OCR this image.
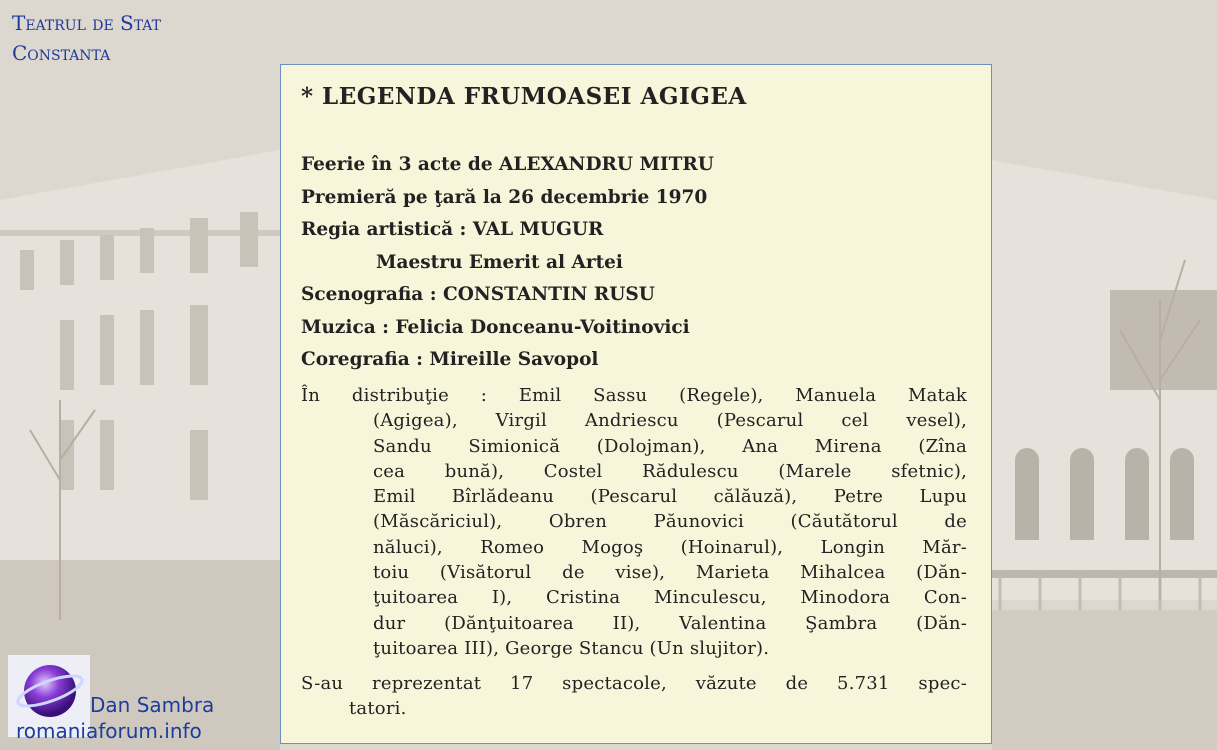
Teatrul de Stat
Constanta
* LEGENDA FRUMOASEI AGIGEA
Feerie în 3 acte de ALEXANDRU MITRU
Premieră pe ţară la 26 decembrie 1970
Regia artistică : VAL MUGUR
Maestru Emerit al Artei
Scenografia : CONSTANTIN RUSU
Muzica : Felicia Donceanu-Voitinovici
Coregrafia : Mireille Savopol
În distribuţie : Emil Sassu (Regele), Manuela Matak
(Agigea), Virgil Andriescu (Pescarul cel vesel),
Sandu Simionică (Dolojman), Ana Mirena (Zîna
cea bună), Costel Rădulescu (Marele sfetnic),
Emil Bîrlădeanu (Pescarul călăuză), Petre Lupu
(Măscăriciul), Obren Păunovici (Căutătorul de
năluci), Romeo Mogoş (Hoinarul), Longin Măr-
toiu (Visătorul de vise), Marieta Mihalcea (Dăn-
ţuitoarea I), Cristina Minculescu, Minodora Con-
dur (Dănţuitoarea II), Valentina Şambra (Dăn-
ţuitoarea III), George Stancu (Un slujitor).
S-au reprezentat 17 spectacole, văzute de 5.731 spec-
tatori.
Dan Sambra
romaniaforum.info
